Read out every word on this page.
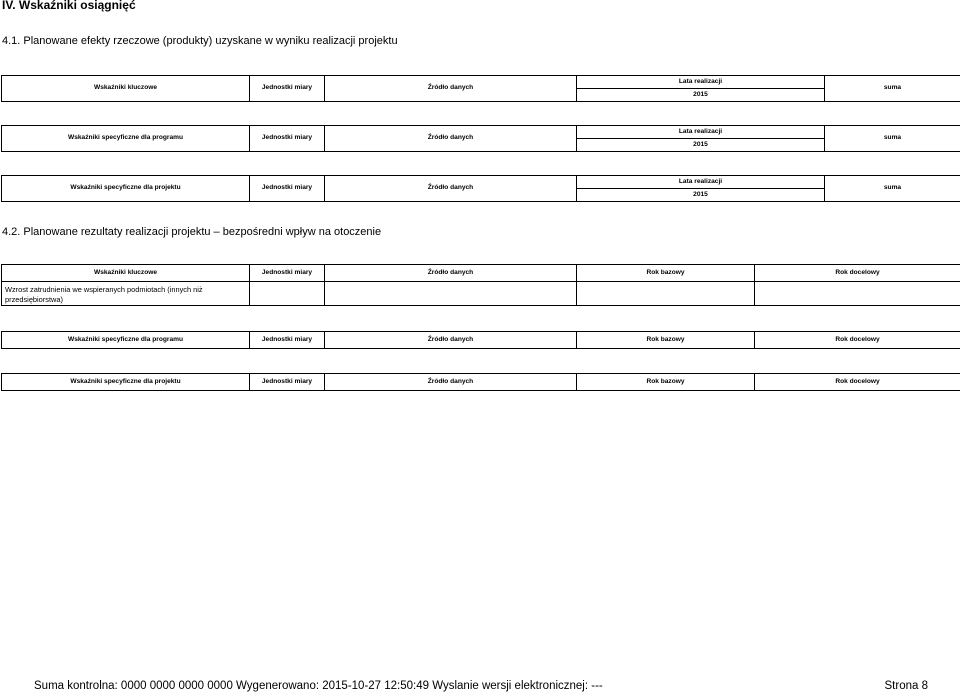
IV. Wskaźniki osiągnięć
4.1. Planowane efekty rzeczowe (produkty) uzyskane w wyniku realizacji projektu
Wskaźniki kluczowe	Jednostki miary	Źródło danych	Lata realizacji	suma
2015
Wskaźniki specyficzne dla programu	Jednostki miary	Źródło danych	Lata realizacji	suma
2015
Wskaźniki specyficzne dla projektu	Jednostki miary	Źródło danych	Lata realizacji	suma
2015
4.2. Planowane rezultaty realizacji projektu – bezpośredni wpływ na otoczenie
Wskaźniki kluczowe	Jednostki miary	Źródło danych	Rok bazowy	Rok docelowy
Wzrost zatrudnienia we wspieranych podmiotach (innych niż przedsiębiorstwa)				
Wskaźniki specyficzne dla programu	Jednostki miary	Źródło danych	Rok bazowy	Rok docelowy
Wskaźniki specyficzne dla projektu	Jednostki miary	Źródło danych	Rok bazowy	Rok docelowy
Suma kontrolna: 0000 0000 0000 0000 Wygenerowano: 2015-10-27 12:50:49 Wyslanie wersji elektronicznej: ---	Strona 8
